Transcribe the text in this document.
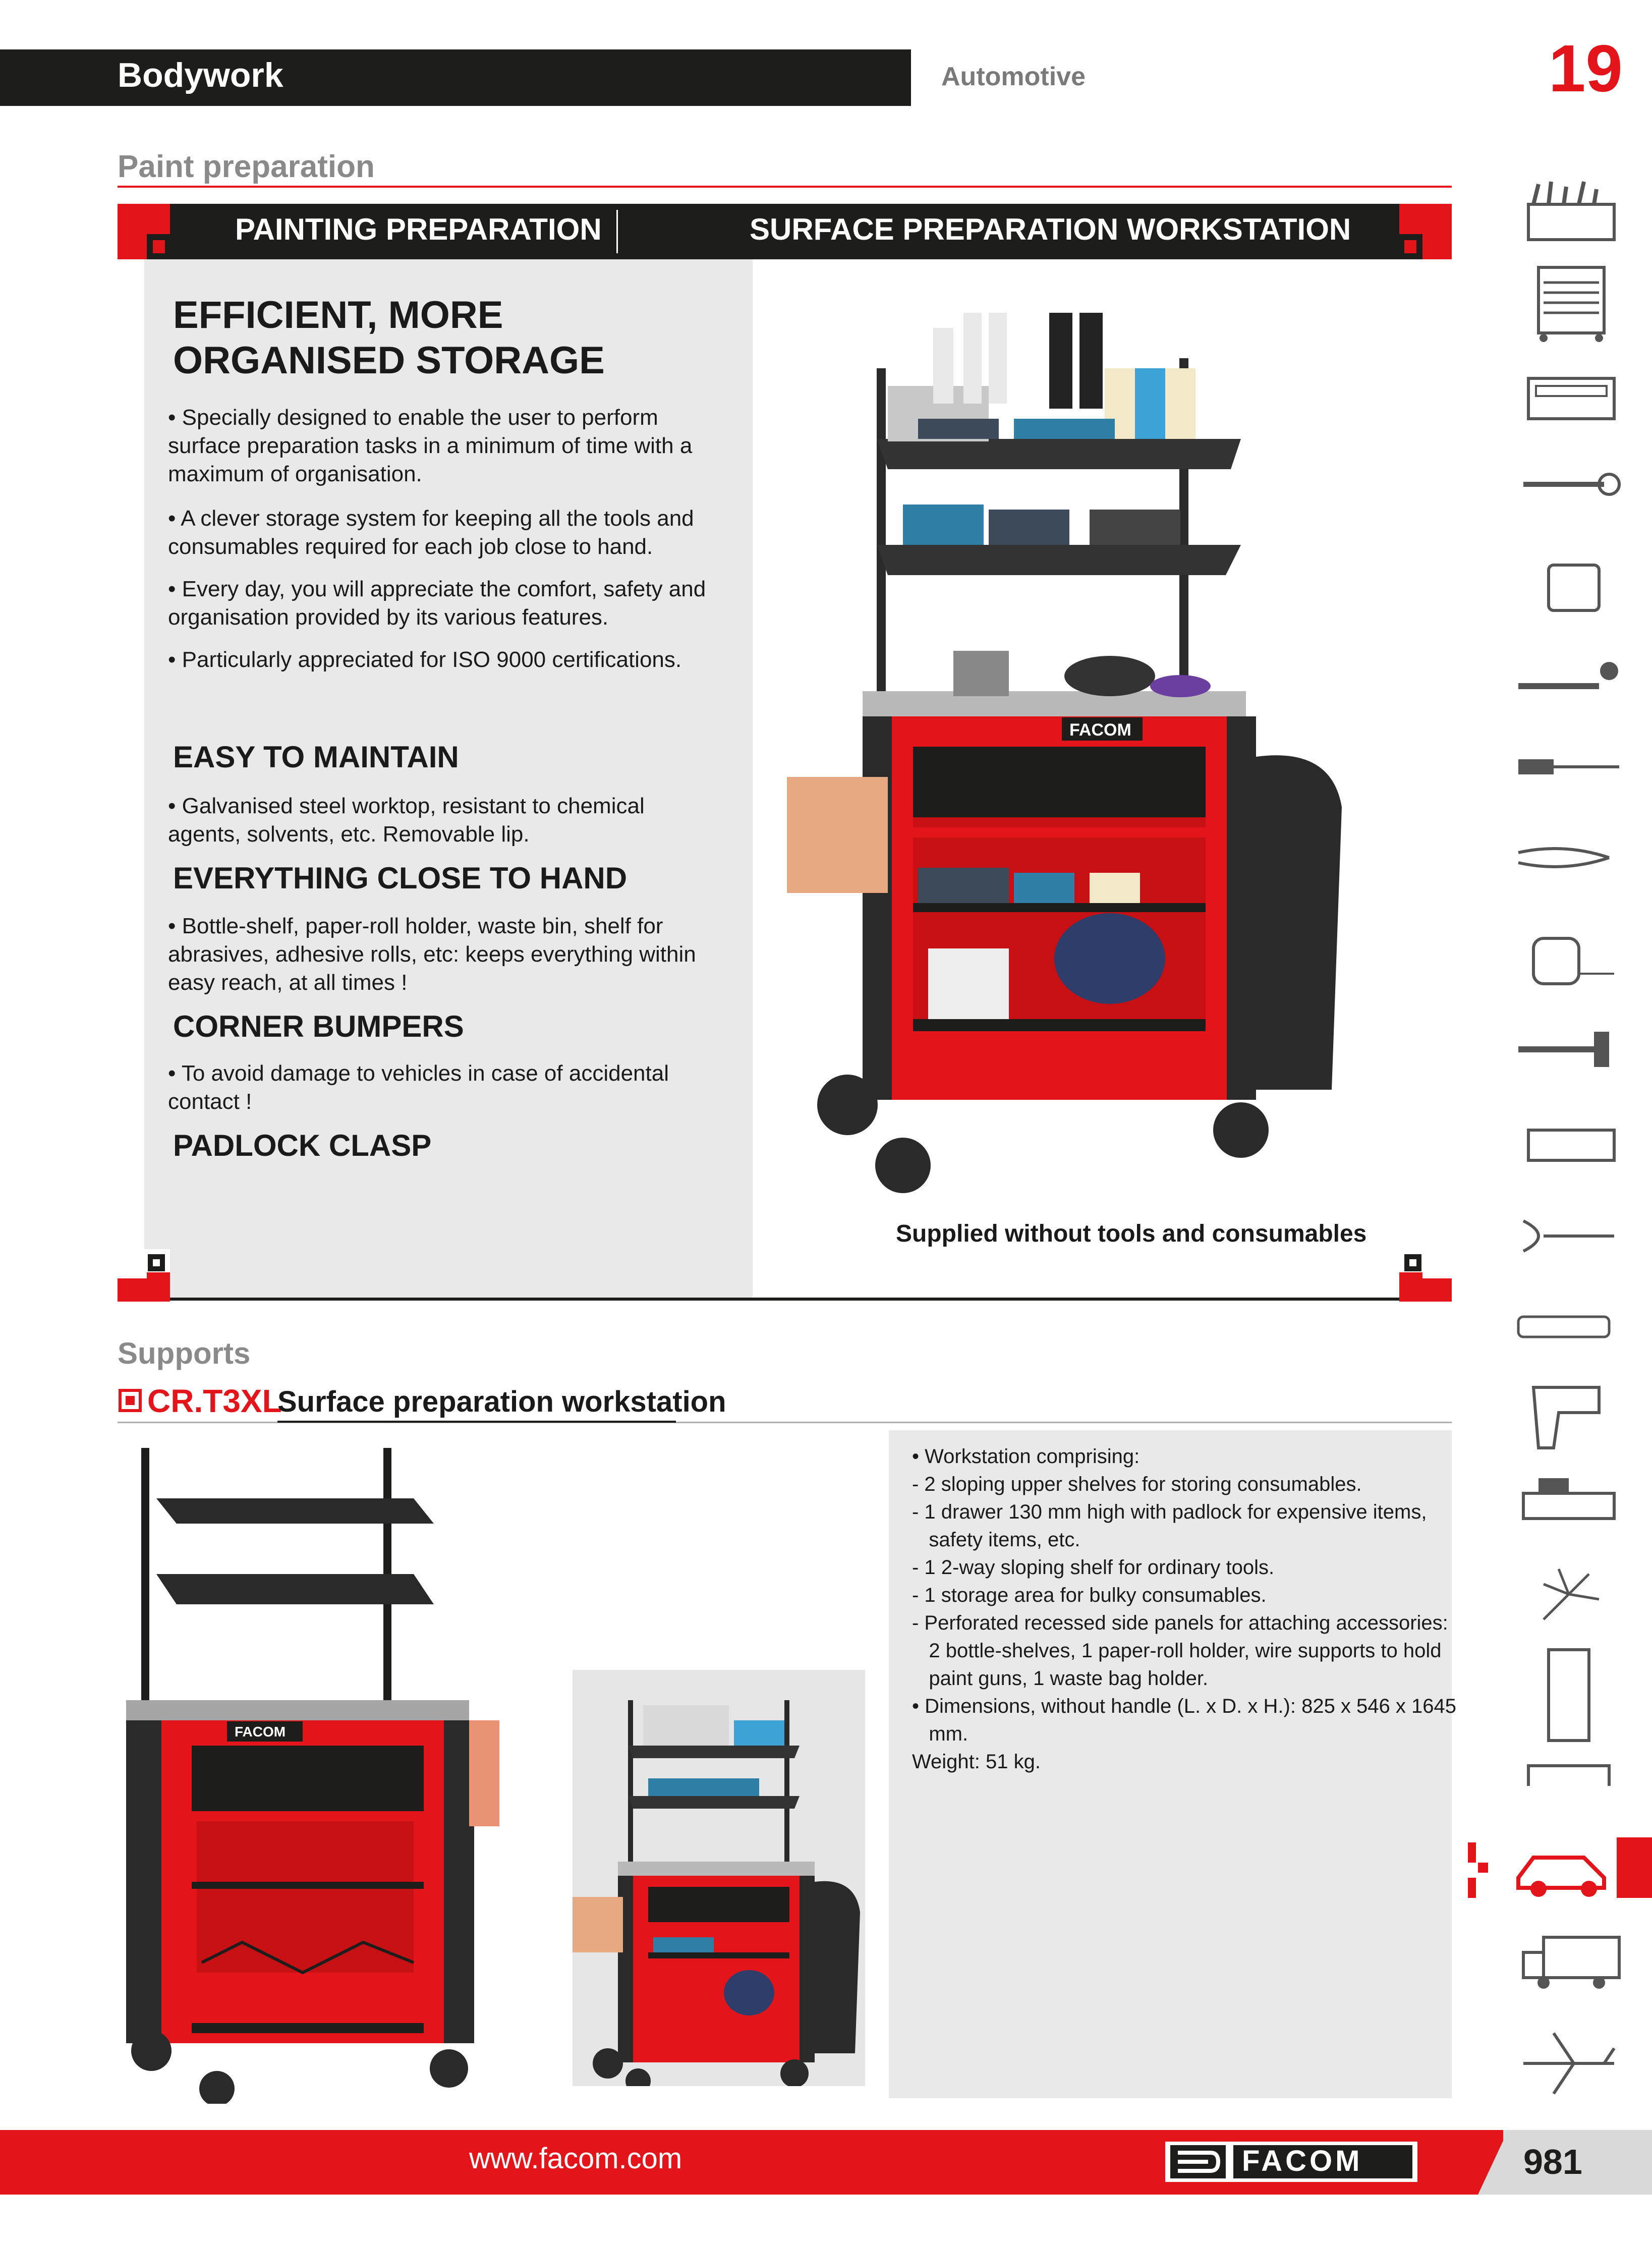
Bodywork	Automotive	19
Paint preparation
PAINTING PREPARATION	SURFACE PREPARATION WORKSTATION
EFFICIENT, MORE ORGANISED STORAGE
• Specially designed to enable the user to perform surface preparation tasks in a minimum of time with a maximum of organisation.
• A clever storage system for keeping all the tools and consumables required for each job close to hand.
• Every day, you will appreciate the comfort, safety and organisation provided by its various features.
• Particularly appreciated for ISO 9000 certifications.
EASY TO MAINTAIN
• Galvanised steel worktop, resistant to chemical agents, solvents, etc. Removable lip.
EVERYTHING CLOSE TO HAND
• Bottle-shelf, paper-roll holder, waste bin, shelf for abrasives, adhesive rolls, etc: keeps everything within easy reach, at all times !
CORNER BUMPERS
• To avoid damage to vehicles in case of accidental contact !
PADLOCK CLASP
FACOM
Supplied without tools and consumables
Supports
CR.T3XL
Surface preparation workstation
FACOM
• Workstation comprising:
- 2 sloping upper shelves for storing consumables.
- 1 drawer 130 mm high with padlock for expensive items,
safety items, etc.
- 1 2-way sloping shelf for ordinary tools.
- 1 storage area for bulky consumables.
- Perforated recessed side panels for attaching accessories:
2 bottle-shelves, 1 paper-roll holder, wire supports to hold
paint guns, 1 waste bag holder.
• Dimensions, without handle (L. x D. x H.): 825 x 546 x 1645
mm.
Weight: 51 kg.
www.facom.com	FACOM	981
